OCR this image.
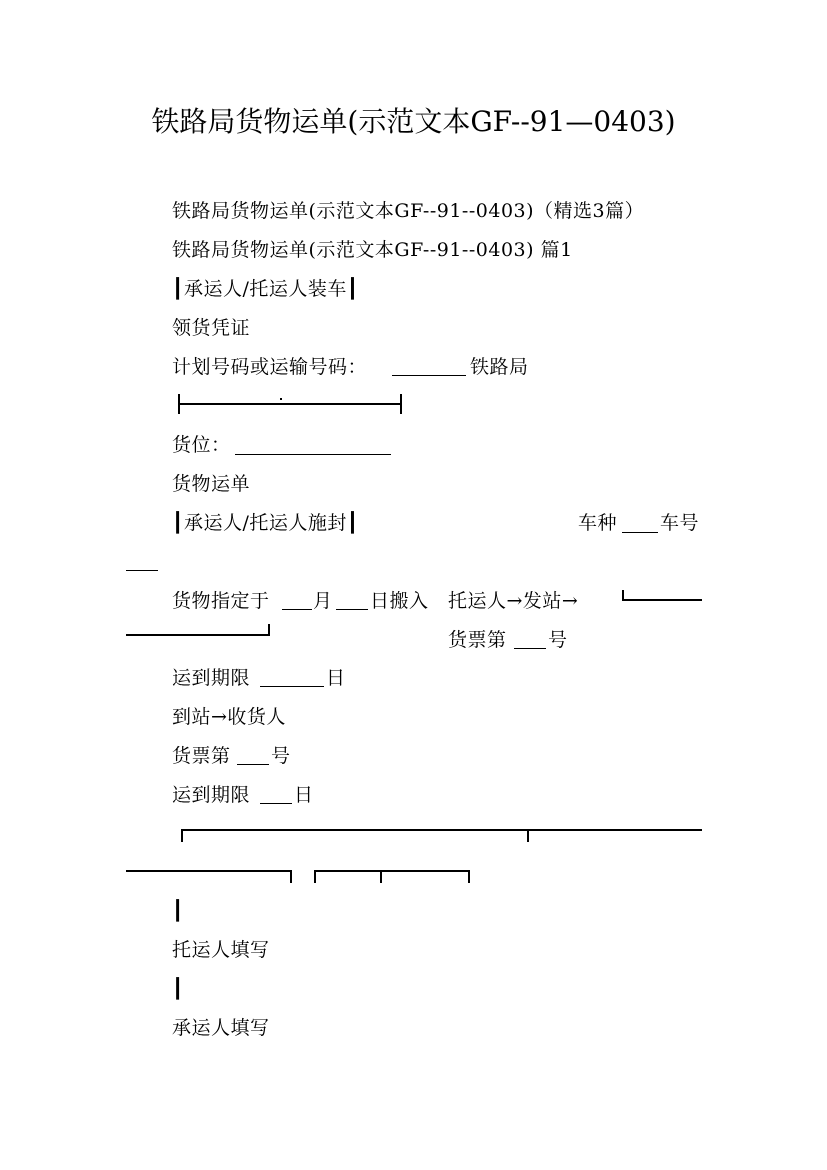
铁路局货物运单(示范文本GF--91—0403)
铁路局货物运单(示范文本GF--91--0403)（精选3篇）
铁路局货物运单(示范文本GF--91--0403) 篇1
┃承运人/托运人装车┃
领货凭证
计划号码或运输号码：	铁路局
货位：
货物运单
┃承运人/托运人施封┃	车种 车号
货物指定于 月 日搬入 托运人→发站→
货票第 号
运到期限	日
到站→收货人
货票第 号
运到期限 日
┃
托运人填写
┃
承运人填写
